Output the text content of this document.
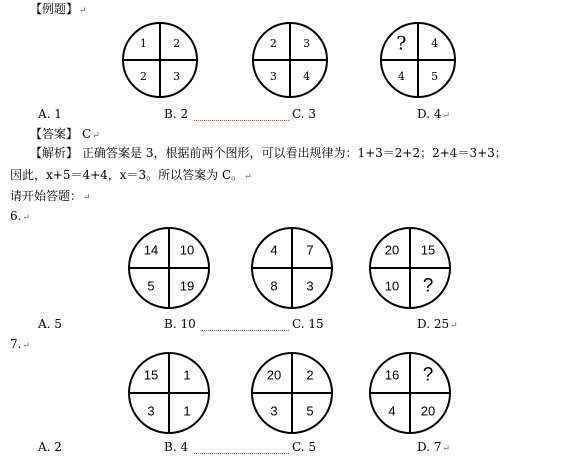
【例题】↵
1 2
2 3
2 3
3 4
? 4
4 5
A. 1	B. 2	C. 3	D. 4↵
【答案】 C↵
【解析】 正确答案是 3，根据前两个图形，可以看出规律为：1+3＝2+2；2+4＝3+3；
因此，x+5＝4+4，x＝3。所以答案为 C。↵
请开始答题：↵
6.↵
14 10
5 19
4 7
8 3
20 15
10 ?
A. 5	B. 10	C. 15	D. 25↵
7.↵
15 1
3 1
20 2
3 5
16 ?
4 20
A. 2	B. 4	C. 5	D. 7↵
